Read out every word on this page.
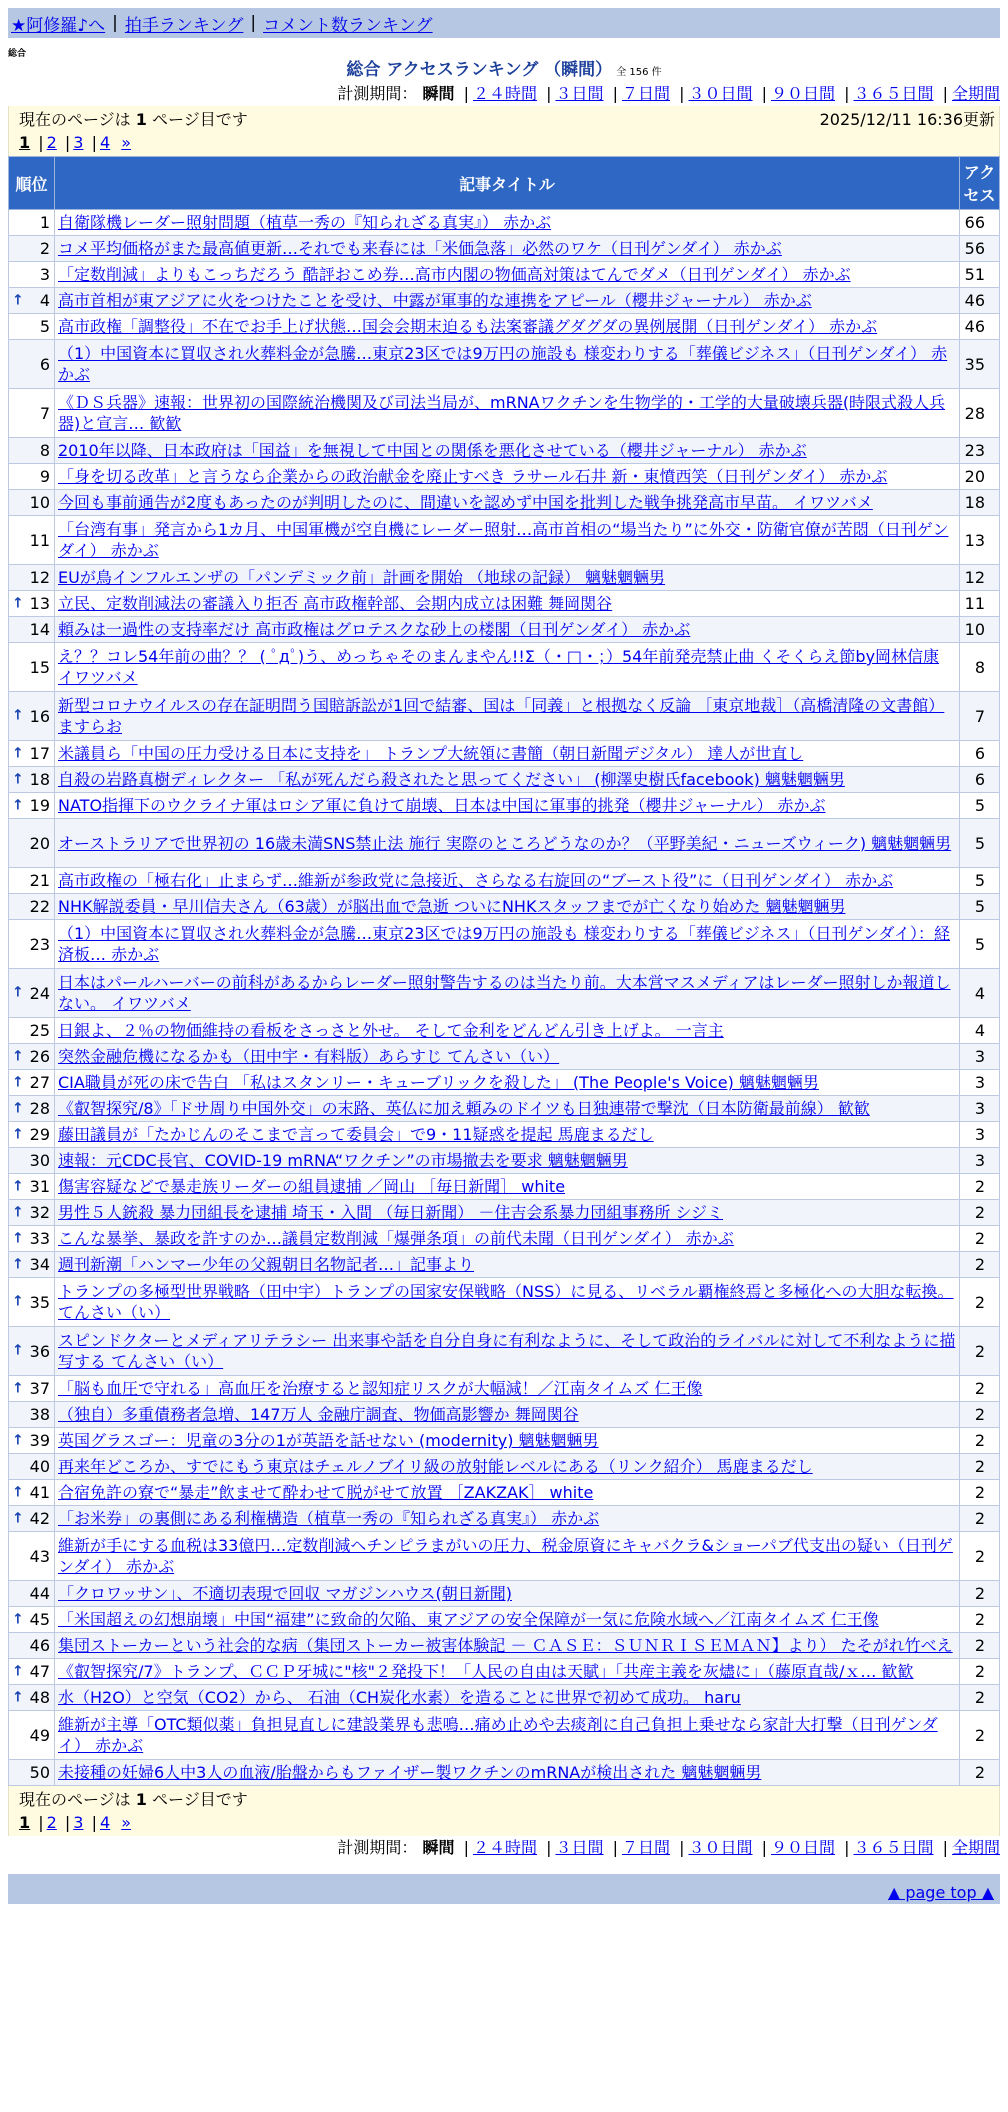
★阿修羅♪へ | 拍手ランキング | コメント数ランキング
総合
総合 アクセスランキング （瞬間） 全 156 件
計測期間： 瞬間 | ２４時間 | ３日間 | ７日間 | ３０日間 | ９０日間 | ３６５日間 | 全期間
現在のページは 1 ページ目です	2025/12/11 16:36更新
1 | 2 | 3 | 4 »
順位	記事タイトル	アクセス
1	自衛隊機レーダー照射問題（植草一秀の『知られざる真実』） 赤かぶ	66
2	コメ平均価格がまた最高値更新…それでも来春には「米価急落」必然のワケ（日刊ゲンダイ） 赤かぶ	56
3	「定数削減」よりもこっちだろう 酷評おこめ券…高市内閣の物価高対策はてんでダメ（日刊ゲンダイ） 赤かぶ	51

↑ 4	高市首相が東アジアに火をつけたことを受け、中露が軍事的な連携をアピール（櫻井ジャーナル） 赤かぶ	46
5	高市政権「調整役」不在でお手上げ状態…国会会期末迫るも法案審議グダグダの異例展開（日刊ゲンダイ） 赤かぶ	46
6	（1）中国資本に買収され火葬料金が急騰…東京23区では9万円の施設も 様変わりする「葬儀ビジネス」（日刊ゲンダイ） 赤かぶ	35
7	《ＤＳ兵器》速報：世界初の国際統治機関及び司法当局が、mRNAワクチンを生物学的・工学的大量破壊兵器(時限式殺人兵器)と宣言… 歓歓	28
8	2010年以降、日本政府は「国益」を無視して中国との関係を悪化させている（櫻井ジャーナル） 赤かぶ	23
9	「身を切る改革」と言うなら企業からの政治献金を廃止すべき ラサール石井 新・東憤西笑（日刊ゲンダイ） 赤かぶ	20
10	今回も事前通告が2度もあったのが判明したのに、間違いを認めず中国を批判した戦争挑発高市早苗。 イワツバメ	18
11	「台湾有事」発言から1カ月、中国軍機が空自機にレーダー照射…高市首相の“場当たり”に外交・防衛官僚が苦悶（日刊ゲンダイ） 赤かぶ	13
12	EUが鳥インフルエンザの「パンデミック前」計画を開始 （地球の記録） 魑魅魍魎男	12

↑ 13	立民、定数削減法の審議入り拒否 高市政権幹部、会期内成立は困難 舞岡関谷	11
14	頼みは一過性の支持率だけ 高市政権はグロテスクな砂上の楼閣（日刊ゲンダイ） 赤かぶ	10
15	え？？コレ54年前の曲？？ ( ﾟдﾟ)う、めっちゃそのまんまやん!!Σ（・□・；）54年前発売禁止曲 くそくらえ節by岡林信康 イワツバメ	8

↑ 16	新型コロナウイルスの存在証明問う国賠訴訟が1回で結審、国は「同義」と根拠なく反論 ［東京地裁］（高橋清隆の文書館） ますらお	7

↑ 17	米議員ら「中国の圧力受ける日本に支持を」 トランプ大統領に書簡（朝日新聞デジタル） 達人が世直し	6

↑ 18	自殺の岩路真樹ディレクター 「私が死んだら殺されたと思ってください」 (柳澤史樹氏facebook) 魑魅魍魎男	6

↑ 19	NATO指揮下のウクライナ軍はロシア軍に負けて崩壊、日本は中国に軍事的挑発（櫻井ジャーナル） 赤かぶ	5
20	オーストラリアで世界初の 16歳未満SNS禁止法 施行 実際のところどうなのか？（平野美紀・ニューズウィーク) 魑魅魍魎男	5
21	高市政権の「極右化」止まらず…維新が参政党に急接近、さらなる右旋回の“ブースト役”に（日刊ゲンダイ） 赤かぶ	5
22	NHK解説委員・早川信夫さん（63歳）が脳出血で急逝 ついにNHKスタッフまでが亡くなり始めた 魑魅魍魎男	5
23	（1）中国資本に買収され火葬料金が急騰…東京23区では9万円の施設も 様変わりする「葬儀ビジネス」（日刊ゲンダイ）：経済板… 赤かぶ	5

↑ 24	日本はパールハーバーの前科があるからレーダー照射警告するのは当たり前。大本営マスメディアはレーダー照射しか報道しない。 イワツバメ	4
25	日銀よ、２％の物価維持の看板をさっさと外せ。 そして金利をどんどん引き上げよ。 一言主	4

↑ 26	突然金融危機になるかも（田中宇・有料版）あらすじ てんさい（い）	3

↑ 27	CIA職員が死の床で告白 「私はスタンリー・キューブリックを殺した」 (The People's Voice) 魑魅魍魎男	3

↑ 28	《叡智探究/8》「ドサ周り中国外交」の末路、英仏に加え頼みのドイツも日独連帯で撃沈（日本防衛最前線） 歓歓	3

↑ 29	藤田議員が「たかじんのそこまで言って委員会」で9・11疑惑を提起 馬鹿まるだし	3
30	速報：元CDC長官、COVID-19 mRNA“ワクチン”の市場撤去を要求 魑魅魍魎男	3

↑ 31	傷害容疑などで暴走族リーダーの組員逮捕 ／岡山 ［毎日新聞］ white	2

↑ 32	男性５人銃殺 暴力団組長を逮捕 埼玉・入間 （毎日新聞） －住吉会系暴力団組事務所 シジミ	2

↑ 33	こんな暴挙、暴政を許すのか…議員定数削減「爆弾条項」の前代未聞（日刊ゲンダイ） 赤かぶ	2

↑ 34	週刊新潮「ハンマー少年の父親朝日名物記者…」記事より	2

↑ 35	トランプの多極型世界戦略（田中宇）トランプの国家安保戦略（NSS）に見る、リベラル覇権終焉と多極化への大胆な転換。 てんさい（い）	2

↑ 36	スピンドクターとメディアリテラシー 出来事や話を自分自身に有利なように、そして政治的ライバルに対して不利なように描写する てんさい（い）	2

↑ 37	「脳も血圧で守れる」高血圧を治療すると認知症リスクが大幅減！／江南タイムズ 仁王像	2
38	（独自）多重債務者急増、147万人 金融庁調査、物価高影響か 舞岡関谷	2

↑ 39	英国グラスゴー：児童の3分の1が英語を話せない (modernity) 魑魅魍魎男	2
40	再来年どころか、すでにもう東京はチェルノブイリ級の放射能レベルにある（リンク紹介） 馬鹿まるだし	2

↑ 41	合宿免許の寮で“暴走”飲ませて酔わせて脱がせて放置 ［ZAKZAK］ white	2

↑ 42	「お米券」の裏側にある利権構造（植草一秀の『知られざる真実』） 赤かぶ	2
43	維新が手にする血税は33億円…定数削減ヘチンピラまがいの圧力、税金原資にキャバクラ&ショーパブ代支出の疑い（日刊ゲンダイ） 赤かぶ	2
44	「クロワッサン」、不適切表現で回収 マガジンハウス(朝日新聞)	2

↑ 45	「米国超えの幻想崩壊」中国“福建”に致命的欠陥、東アジアの安全保障が一気に危険水域へ／江南タイムズ 仁王像	2
46	集団ストーカーという社会的な病（集団ストーカー被害体験記 － ＣＡＳＥ：ＳＵＮＲＩＳＥＭＡＮ】より） たそがれ竹べえ	2

↑ 47	《叡智探究/7》トランプ、ＣＣＰ牙城に"核"２発投下！「人民の自由は天賦」「共産主義を灰燼に」（藤原直哉/ｘ… 歓歓	2

↑ 48	水（H2O）と空気（CO2）から、 石油（CH炭化水素）を造ることに世界で初めて成功。 haru	2
49	維新が主導「OTC類似薬」負担見直しに建設業界も悲鳴…痛め止めや去痰剤に自己負担上乗せなら家計大打撃（日刊ゲンダイ） 赤かぶ	2
50	未接種の妊婦6人中3人の血液/胎盤からもファイザー製ワクチンのmRNAが検出された 魑魅魍魎男	2
現在のページは 1 ページ目です
1 | 2 | 3 | 4 »
計測期間： 瞬間 | ２４時間 | ３日間 | ７日間 | ３０日間 | ９０日間 | ３６５日間 | 全期間
▲ page top ▲
